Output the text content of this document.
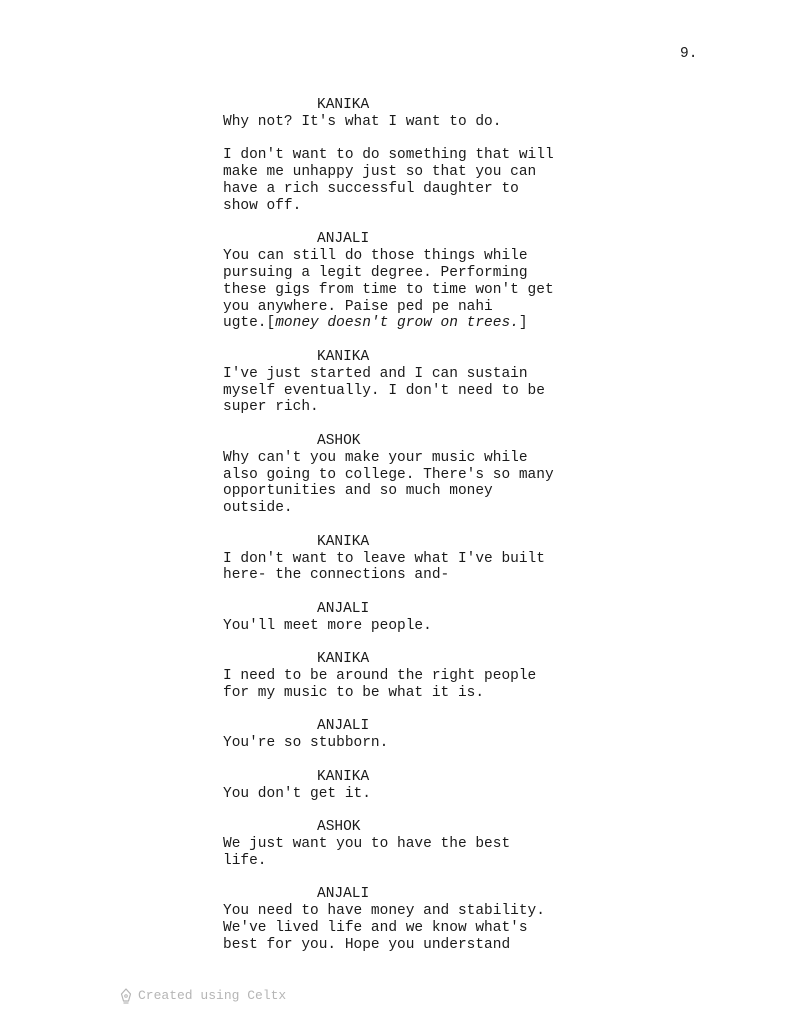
9.
KANIKA
Why not? It's what I want to do.
I don't want to do something that will
make me unhappy just so that you can
have a rich successful daughter to
show off.
ANJALI
You can still do those things while
pursuing a legit degree. Performing
these gigs from time to time won't get
you anywhere. Paise ped pe nahi
ugte.[money doesn't grow on trees.]
KANIKA
I've just started and I can sustain
myself eventually. I don't need to be
super rich.
ASHOK
Why can't you make your music while
also going to college. There's so many
opportunities and so much money
outside.
KANIKA
I don't want to leave what I've built
here- the connections and-
ANJALI
You'll meet more people.
KANIKA
I need to be around the right people
for my music to be what it is.
ANJALI
You're so stubborn.
KANIKA
You don't get it.
ASHOK
We just want you to have the best
life.
ANJALI
You need to have money and stability.
We've lived life and we know what's
best for you. Hope you understand
Created using Celtx
